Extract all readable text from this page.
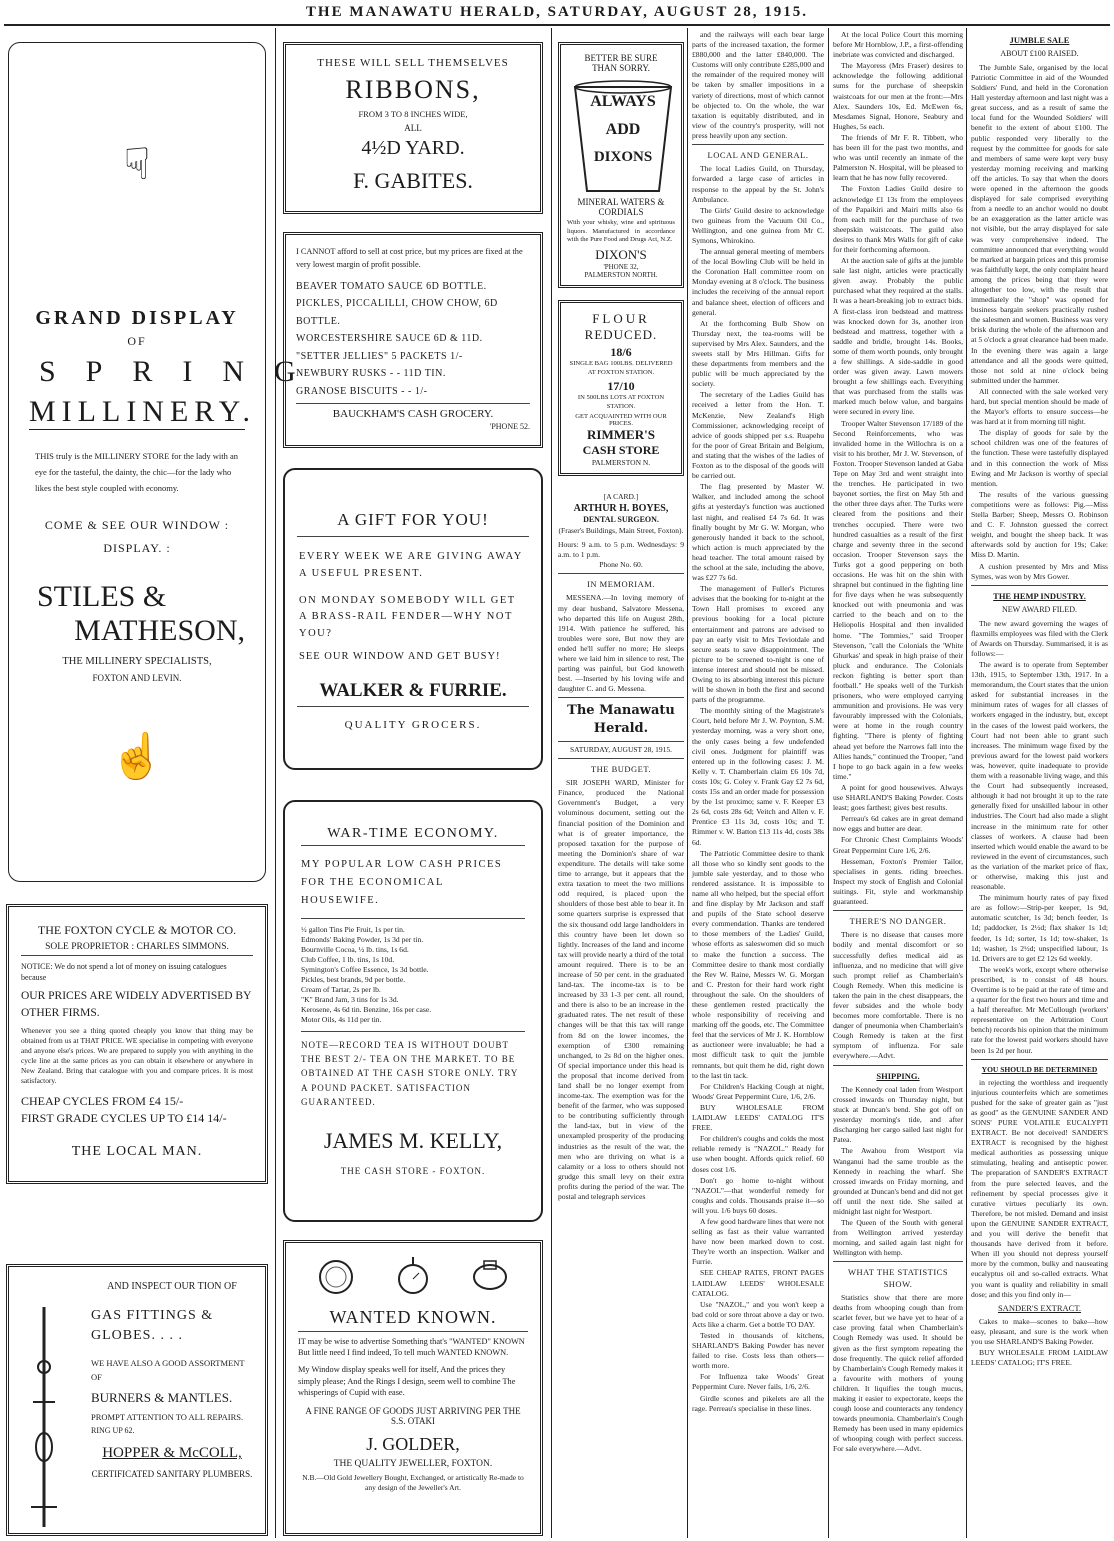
THE MANAWATU HERALD, SATURDAY, AUGUST 28, 1915.
☟
GRAND DISPLAY
OF
SPRING
MILLINERY.
THIS truly is the MILLINERY STORE for the lady with an eye for the tasteful, the dainty, the chic—for the lady who likes the best style coupled with economy.
COME & SEE OUR WINDOW : DISPLAY. :
STILES &
MATHESON,
THE MILLINERY SPECIALISTS,
FOXTON AND LEVIN.
☝
THE FOXTON CYCLE & MOTOR CO.
SOLE PROPRIETOR : CHARLES SIMMONS.
NOTICE: We do not spend a lot of money on issuing catalogues because
OUR PRICES ARE WIDELY ADVERTISED BY OTHER FIRMS.
Whenever you see a thing quoted cheaply you know that thing may be obtained from us at THAT PRICE. WE specialise in competing with everyone and anyone else's prices. We are prepared to supply you with anything in the cycle line at the same prices as you can obtain it elsewhere or anywhere in New Zealand. Bring that catalogue with you and compare prices. It is most satisfactory.
CHEAP CYCLES FROM £4 15/-
FIRST GRADE CYCLES UP TO £14 14/-
THE LOCAL MAN.
AND INSPECT OUR TION OF
GAS FITTINGS & GLOBES. . . .
WE HAVE ALSO A GOOD ASSORTMENT OF
BURNERS & MANTLES.
PROMPT ATTENTION TO ALL REPAIRS.
RING UP 62.
HOPPER & McCOLL,
CERTIFICATED SANITARY PLUMBERS.
THESE WILL SELL THEMSELVES
RIBBONS,
FROM 3 TO 8 INCHES WIDE,
ALL
4½D YARD.
F. GABITES.
I CANNOT afford to sell at cost price, but my prices are fixed at the very lowest margin of profit possible.
BEAVER TOMATO SAUCE 6D BOTTLE.
PICKLES, PICCALILLI, CHOW CHOW, 6D BOTTLE.
WORCESTERSHIRE SAUCE 6D & 11D.
"SETTER JELLIES" 5 PACKETS 1/-
NEWBURY RUSKS - - 11D TIN.
GRANOSE BISCUITS - - 1/-
BAUCKHAM'S CASH GROCERY.
'PHONE 52.
A GIFT FOR YOU!
EVERY WEEK WE ARE GIVING AWAY A USEFUL PRESENT.
ON MONDAY SOMEBODY WILL GET A BRASS-RAIL FENDER—WHY NOT YOU?
SEE OUR WINDOW AND GET BUSY!
WALKER & FURRIE.
QUALITY GROCERS.
WAR-TIME ECONOMY.
MY POPULAR LOW CASH PRICES FOR THE ECONOMICAL HOUSEWIFE.
½ gallon Tins Pie Fruit, 1s per tin.
Edmonds' Baking Powder, 1s 3d per tin.
Bournville Cocoa, ½ lb. tins, 1s 6d.
Club Coffee, 1 lb. tins, 1s 10d.
Symington's Coffee Essence, 1s 3d bottle.
Pickles, best brands, 9d per bottle.
Cream of Tartar, 2s per lb.
"K" Brand Jam, 3 tins for 1s 3d.
Kerosene, 4s 6d tin. Benzine, 16s per case.
Motor Oils, 4s 11d per tin.
NOTE—RECORD TEA IS WITHOUT DOUBT THE BEST 2/- TEA ON THE MARKET. TO BE OBTAINED AT THE CASH STORE ONLY. TRY A POUND PACKET. SATISFACTION GUARANTEED.
JAMES M. KELLY,
THE CASH STORE - FOXTON.
WANTED KNOWN.
IT may be wise to advertise Something that's "WANTED" KNOWN But little need I find indeed, To tell much WANTED KNOWN.
My Window display speaks well for itself, And the prices they simply please; And the Rings I design, seem well to combine The whisperings of Cupid with ease.
A FINE RANGE OF GOODS JUST ARRIVING PER THE S.S. OTAKI
J. GOLDER,
THE QUALITY JEWELLER, FOXTON.
N.B.—Old Gold Jewellery Bought, Exchanged, or artistically Re-made to any design of the Jeweller's Art.
BETTER BE SURE
THAN SORRY.
ALWAYS
ADD
DIXONS
MINERAL WATERS & CORDIALS
With your whisky, wine and spirituous liquors. Manufactured in accordance with the Pure Food and Drugs Act, N.Z.
DIXON'S
'PHONE 32,
PALMERSTON NORTH.
FLOUR
REDUCED.
18/6
SINGLE BAG 100LBS. DELIVERED AT FOXTON STATION.
17/10
IN 500LBS LOTS AT FOXTON STATION.
GET ACQUAINTED WITH OUR PRICES.
RIMMER'S
CASH STORE
PALMERSTON N.
[A CARD.]
ARTHUR H. BOYES,
DENTAL SURGEON.
(Fraser's Buildings, Main Street, Foxton).
Hours: 9 a.m. to 5 p.m. Wednesdays: 9 a.m. to 1 p.m.
Phone No. 60.
IN MEMORIAM.

MESSENA.—In loving memory of my dear husband, Salvatore Messena, who departed this life on August 28th, 1914. With patience he suffered, his troubles were sore, But now they are ended he'll suffer no more; He sleeps where we laid him in silence to rest, The parting was painful, but God knoweth best. —Inserted by his loving wife and daughter C. and G. Messena.

The Manawatu Herald.
SATURDAY, AUGUST 28, 1915.
THE BUDGET.

SIR JOSEPH WARD, Minister for Finance, produced the National Government's Budget, a very voluminous document, setting out the financial position of the Dominion and what is of greater importance, the proposed taxation for the purpose of meeting the Dominion's share of war expenditure. The details will take some time to arrange, but it appears that the extra taxation to meet the two millions odd required, is placed upon the shoulders of those best able to bear it. In some quarters surprise is expressed that the six thousand odd large landholders in this country have been let down so lightly. Increases of the land and income tax will provide nearly a third of the total amount required. There is to be an increase of 50 per cent. in the graduated land-tax. The income-tax is to be increased by 33 1-3 per cent. all round, and there is also to be an increase in the graduated rates. The net result of these changes will be that this tax will range from 8d on the lower incomes, the exemption of £300 remaining unchanged, to 2s 8d on the higher ones. Of special importance under this head is the proposal that income derived from land shall be no longer exempt from income-tax. The exemption was for the benefit of the farmer, who was supposed to be contributing sufficiently through the land-tax, but in view of the unexampled prosperity of the producing industries as the result of the war, the men who are thriving on what is a calamity or a loss to others should not grudge this small levy on their extra profits during the period of the war. The postal and telegraph services

and the railways will each bear large parts of the increased taxation, the former £880,000 and the latter £840,000. The Customs will only contribute £285,000 and the remainder of the required money will be taken by smaller impositions in a variety of directions, most of which cannot be objected to. On the whole, the war taxation is equitably distributed, and in view of the country's prosperity, will not press heavily upon any section.

LOCAL AND GENERAL.

The local Ladies Guild, on Thursday, forwarded a large case of articles in response to the appeal by the St. John's Ambulance.

The Girls' Guild desire to acknowledge two guineas from the Vacuum Oil Co., Wellington, and one guinea from Mr C. Symons, Whirokino.

The annual general meeting of members of the local Bowling Club will be held in the Coronation Hall committee room on Monday evening at 8 o'clock. The business includes the receiving of the annual report and balance sheet, election of officers and general.

At the forthcoming Bulb Show on Thursday next, the tea-rooms will be supervised by Mrs Alex. Saunders, and the sweets stall by Mrs Hillman. Gifts for these departments from members and the public will be much appreciated by the society.

The secretary of the Ladies Guild has received a letter from the Hon. T. McKenzie, New Zealand's High Commissioner, acknowledging receipt of advice of goods shipped per s.s. Ruapehu for the poor of Great Britain and Belgium, and stating that the wishes of the ladies of Foxton as to the disposal of the goods will be carried out.

The flag presented by Master W. Walker, and included among the school gifts at yesterday's function was auctioned last night, and realised £4 7s 6d. It was finally bought by Mr G. W. Morgan, who generously handed it back to the school, which action is much appreciated by the head teacher. The total amount raised by the school at the sale, including the above, was £27 7s 6d.

The management of Fuller's Pictures advises that the booking for to-night at the Town Hall promises to exceed any previous booking for a local picture entertainment and patrons are advised to pay an early visit to Mrs Teviotdale and secure seats to save disappointment. The picture to be screened to-night is one of intense interest and should not be missed. Owing to its absorbing interest this picture will be shown in both the first and second parts of the programme.

The monthly sitting of the Magistrate's Court, held before Mr J. W. Poynton, S.M. yesterday morning, was a very short one, the only cases being a few undefended civil ones. Judgment for plaintiff was entered up in the following cases: J. M. Kelly v. T. Chamberlain claim £6 10s 7d, costs 10s; G. Coley v. Frank Gay £2 7s 6d, costs 15s and an order made for possession by the 1st proximo; same v. F. Keeper £3 2s 6d, costs 28s 6d; Veitch and Allen v. F. Prentice £3 11s 3d, costs 10s; and T. Rimmer v. W. Batton £13 11s 4d, costs 38s 6d.

The Patriotic Committee desire to thank all those who so kindly sent goods to the jumble sale yesterday, and to those who rendered assistance. It is impossible to name all who helped, but the special effort and fine display by Mr Jackson and staff and pupils of the State school deserve every commendation. Thanks are tendered to those members of the Ladies' Guild, whose efforts as saleswomen did so much to make the function a success. The Committee desire to thank most cordially the Rev W. Raine, Messrs W. G. Morgan and C. Preston for their hard work right throughout the sale. On the shoulders of these gentlemen rested practically the whole responsibility of receiving and marking off the goods, etc. The Committee feel that the services of Mr J. K. Hornblow as auctioneer were invaluable; he had a most difficult task to quit the jumble remnants, but quit them he did, right down to the last tin tack.

For Children's Hacking Cough at night, Woods' Great Peppermint Cure, 1/6, 2/6.

BUY WHOLESALE FROM LAIDLAW LEEDS' CATALOG IT'S FREE.

For children's coughs and colds the most reliable remedy is "NAZOL." Ready for use when bought. Affords quick relief. 60 doses cost 1/6.

Don't go home to-night without "NAZOL"—that wonderful remedy for coughs and colds. Thousands praise it—so will you. 1/6 buys 60 doses.

A few good hardware lines that were not selling as fast as their value warranted have now been marked down to cost. They're worth an inspection. Walker and Furrie.

SEE CHEAP RATES, FRONT PAGES LAIDLAW LEEDS' WHOLESALE CATALOG.

Use "NAZOL," and you won't keep a bad cold or sore throat above a day or two. Acts like a charm. Get a bottle TO DAY.

Tested in thousands of kitchens, SHARLAND'S Baking Powder has never failed to rise. Costs less than others—worth more.

For Influenza take Woods' Great Peppermint Cure. Never fails, 1/6, 2/6.

Girdle scones and pikelets are all the rage. Perreau's specialise in these lines.

At the local Police Court this morning before Mr Hornblow, J.P., a first-offending inebriate was convicted and discharged.

The Mayoress (Mrs Fraser) desires to acknowledge the following additional sums for the purchase of sheepskin waistcoats for our men at the front:—Mrs Alex. Saunders 10s, Ed. McEwen 6s, Mesdames Signal, Honore, Seabury and Hughes, 5s each.

The friends of Mr F. R. Tibbett, who has been ill for the past two months, and who was until recently an inmate of the Palmerston N. Hospital, will be pleased to learn that he has now fully recovered.

The Foxton Ladies Guild desire to acknowledge £1 13s from the employees of the Papaikiri and Mairi mills also 6s from each mill for the purchase of two sheepskin waistcoats. The guild also desires to thank Mrs Walls for gift of cake for their forthcoming afternoon.

At the auction sale of gifts at the jumble sale last night, articles were practically given away. Probably the public purchased what they required at the stalls. It was a heart-breaking job to extract bids. A first-class iron bedstead and mattress was knocked down for 3s, another iron bedstead and mattress, together with a saddle and bridle, brought 14s. Books, some of them worth pounds, only brought a few shillings. A side-saddle in good order was given away. Lawn mowers brought a few shillings each. Everything that was purchased from the stalls was marked much below value, and bargains were secured in every line.

Trooper Walter Stevenson 17/189 of the Second Reinforcements, who was invalided home in the Willochra is on a visit to his brother, Mr J. W. Stevenson, of Foxton. Trooper Stevenson landed at Gaba Tepe on May 3rd and went straight into the trenches. He participated in two bayonet sorties, the first on May 5th and the other three days after. The Turks were cleared from the positions and their trenches occupied. There were two hundred casualties as a result of the first charge and seventy three in the second occasion. Trooper Stevenson says the Turks got a good peppering on both occasions. He was hit on the shin with shrapnel but continued in the fighting line for five days when he was subsequently knocked out with pneumonia and was carried to the beach and on to the Heliopolis Hospital and then invalided home. "The Tommies," said Trooper Stevenson, "call the Colonials the 'White Ghurkas' and speak in high praise of their pluck and endurance. The Colonials reckon fighting is better sport than football." He speaks well of the Turkish prisoners, who were employed carrying ammunition and provisions. He was very favourably impressed with the Colonials, were at home in the rough country fighting. "There is plenty of fighting ahead yet before the Narrows fall into the Allies hands," continued the Trooper, "and I hope to go back again in a few weeks time."

A point for good housewives. Always use SHARLAND'S Baking Powder. Costs least; goes farthest; gives best results.

Perreau's 6d cakes are in great demand now eggs and butter are dear.

For Chronic Chest Complaints Woods' Great Peppermint Cure 1/6, 2/6.

Hesseman, Foxton's Premier Tailor, specialises in gents. riding breeches. Inspect my stock of English and Colonial suitings. Fit, style and workmanship guaranteed.

THERE'S NO DANGER.

There is no disease that causes more bodily and mental discomfort or so successfully defies medical aid as influenza, and no medicine that will give such prompt relief as Chamberlain's Cough Remedy. When this medicine is taken the pain in the chest disappears, the fever subsides and the whole body becomes more comfortable. There is no danger of pneumonia when Chamberlain's Cough Remedy is taken at the first symptom of influenza. For sale everywhere.—Advt.

SHIPPING.

The Kennedy coal laden from Westport crossed inwards on Thursday night, but stuck at Duncan's bend. She got off on yesterday morning's tide, and after discharging her cargo sailed last night for Patea.

The Awahou from Westport via Wanganui had the same trouble as the Kennedy in reaching the wharf. She crossed inwards on Friday morning, and grounded at Duncan's bend and did not get off until the next tide. She sailed at midnight last night for Westport.

The Queen of the South with general from Wellington arrived yesterday morning, and sailed again last night for Wellington with hemp.

WHAT THE STATISTICS SHOW.

Statistics show that there are more deaths from whooping cough than from scarlet fever, but we have yet to hear of a case proving fatal when Chamberlain's Cough Remedy was used. It should be given as the first symptom repeating the dose frequently. The quick relief afforded by Chamberlain's Cough Remedy makes it a favourite with mothers of young children. It liquifies the tough mucus, making it easier to expectorate, keeps the cough loose and counteracts any tendency towards pneumonia. Chamberlain's Cough Remedy has been used in many epidemics of whooping cough with perfect success. For sale everywhere.—Advt.

JUMBLE SALE
ABOUT £100 RAISED.

The Jumble Sale, organised by the local Patriotic Committee in aid of the Wounded Soldiers' Fund, and held in the Coronation Hall yesterday afternoon and last night was a great success, and as a result of same the local fund for the Wounded Soldiers' will benefit to the extent of about £100. The public responded very liberally to the request by the committee for goods for sale and members of same were kept very busy yesterday morning receiving and marking off the articles. To say that when the doors were opened in the afternoon the goods displayed for sale comprised everything from a needle to an anchor would no doubt be an exaggeration as the latter article was not visible, but the array displayed for sale was very comprehensive indeed. The committee announced that everything would be marked at bargain prices and this promise was faithfully kept, the only complaint heard among the prices being that they were altogether too low, with the result that immediately the "shop" was opened for business bargain seekers practically rushed the salesmen and women. Business was very brisk during the whole of the afternoon and at 5 o'clock a great clearance had been made. In the evening there was again a large attendance and all the goods were quitted, those not sold at nine o'clock being submitted under the hammer.

All connected with the sale worked very hard, but special mention should be made of the Mayor's efforts to ensure success—he was hard at it from morning till night.

The display of goods for sale by the school children was one of the features of the function. These were tastefully displayed and in this connection the work of Miss Ewing and Mr Jackson is worthy of special mention.

The results of the various guessing competitions were as follows: Pig.—Miss Stella Barber; Sheep, Messrs O. Robinson and C. F. Johnston guessed the correct weight, and bought the sheep back. It was afterwards sold by auction for 19s; Cake: Miss D. Martin.

A cushion presented by Mrs and Miss Symes, was won by Mrs Gower.

THE HEMP INDUSTRY.
NEW AWARD FILED.

The new award governing the wages of flaxmills employees was filed with the Clerk of Awards on Thursday. Summarised, it is as follows:—

The award is to operate from September 13th, 1915, to September 13th, 1917. In a memorandum, the Court states that the union asked for substantial increases in the minimum rates of wages for all classes of workers engaged in the industry, but, except in the cases of the lowest paid workers, the Court had not been able to grant such increases. The minimum wage fixed by the previous award for the lowest paid workers was, however, quite inadequate to provide them with a reasonable living wage, and this the Court had subsequently increased, although it had not brought it up to the rate generally fixed for unskilled labour in other industries. The Court had also made a slight increase in the minimum rate for other classes of workers. A clause had been inserted which would enable the award to be reviewed in the event of circumstances, such as the variation of the market price of flax, or otherwise, making this just and reasonable.

The minimum hourly rates of pay fixed are as follow:—Strip-per keeper, 1s 9d, automatic scutcher, 1s 3d; bench feeder, 1s 1d; paddocker, 1s 2½d; flax shaker 1s 1d; feeder, 1s 1d; sorter, 1s 1d; tow-shaker, 1s 1d; washer, 1s 2½d; unspecified labour, 1s 1d. Drivers are to get £2 12s 6d weekly.

The week's work, except where otherwise prescribed, is to consist of 48 hours. Overtime is to be paid at the rate of time and a quarter for the first two hours and time and a half thereafter. Mr McCullough (workers' representative on the Arbitration Court bench) records his opinion that the minimum rate for the lowest paid workers should have been 1s 2d per hour.

YOU SHOULD BE DETERMINED

in rejecting the worthless and irequently injurious counterfeits which are sometimes pushed for the sake of greater gain as "just as good" as the GENUINE SANDER AND SONS' PURE VOLATILE EUCALYPTI EXTRACT. Be not deceived! SANDER'S EXTRACT is recognised by the highest medical authorities as possessing unique stimulating, healing and antiseptic power. The preparation of SANDER'S EXTRACT from the pure selected leaves, and the refinement by special processes give it curative virtues peculiarly its own. Therefore, be not misled. Demand and insist upon the GENUINE SANDER EXTRACT, and you will derive the benefit that thousands have derived from it before. When ill you should not depress yourself more by the common, bulky and nauseating eucalyptus oil and so-called extracts. What you want is quality and reliability in small dose; and this you find only in—

SANDER'S EXTRACT.

Cakes to make—scones to bake—how easy, pleasant, and sure is the work when you use SHARLAND'S Baking Powder.

BUY WHOLESALE FROM LAIDLAW LEEDS' CATALOG; IT'S FREE.
